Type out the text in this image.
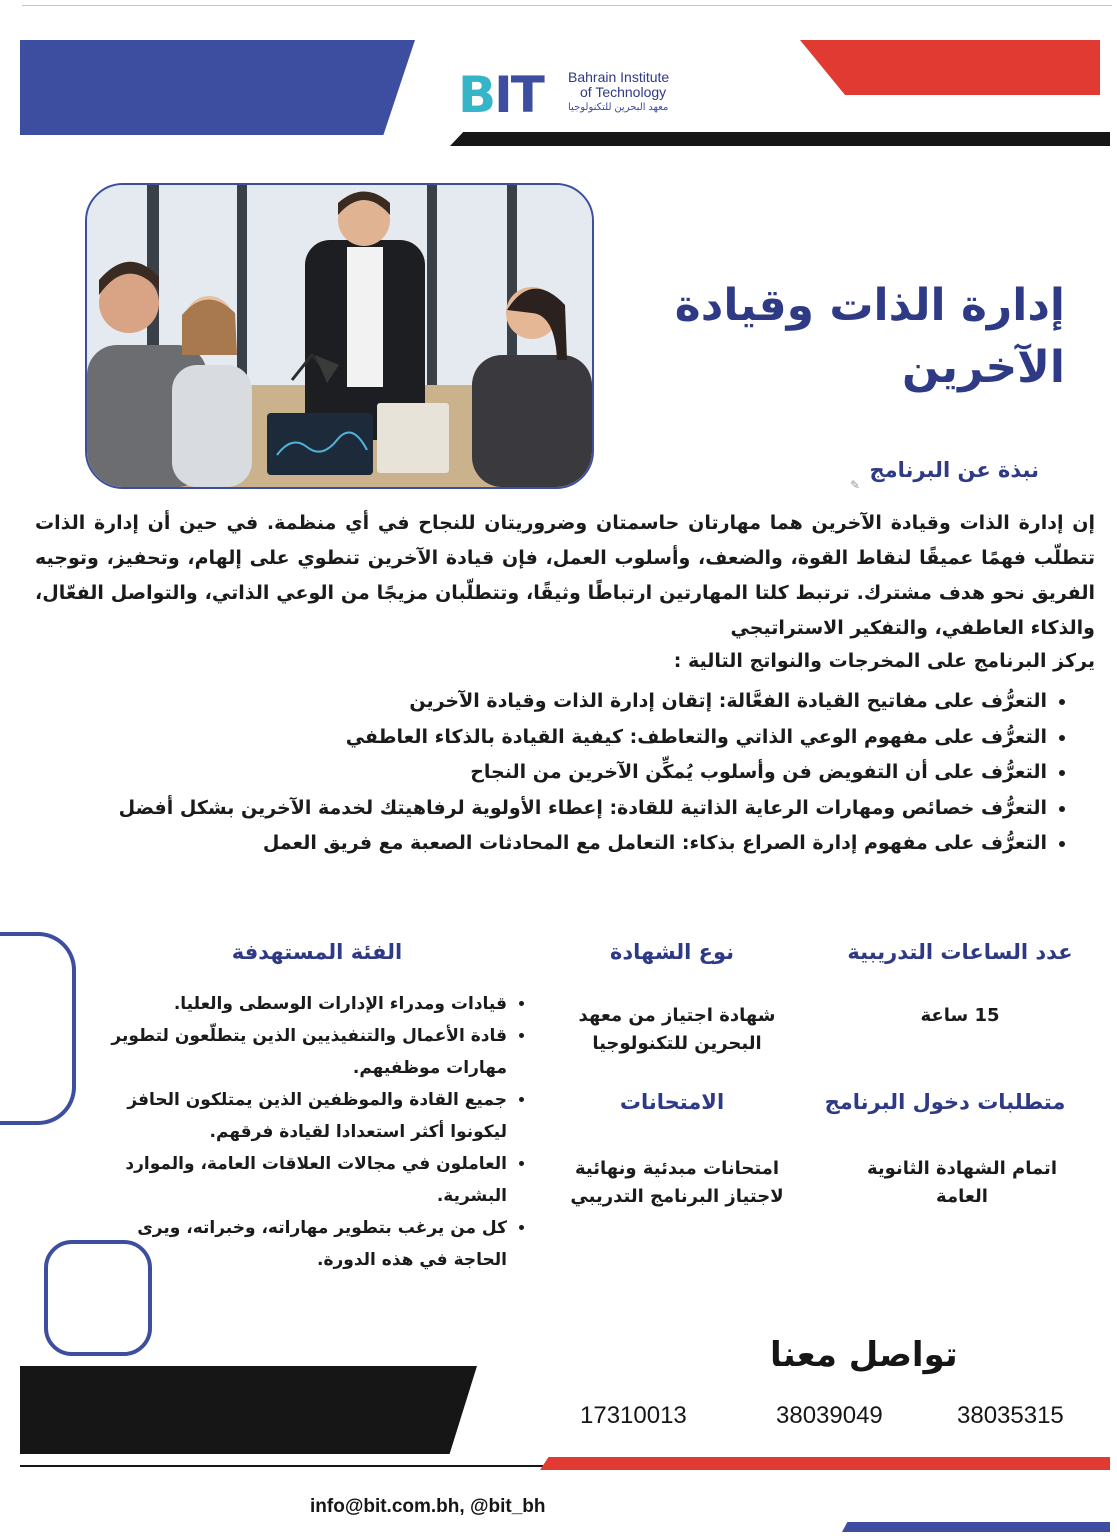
BIT Bahrain Institute
of Technology
معهد البحرين للتكنولوجيا
إدارة الذات وقيادة الآخرين
نبذة عن البرنامج
✎
إن إدارة الذات وقيادة الآخرين هما مهارتان حاسمتان وضروريتان للنجاح في أي منظمة. في حين أن إدارة الذات تتطلّب فهمًا عميقًا لنقاط القوة، والضعف، وأسلوب العمل، فإن قيادة الآخرين تنطوي على إلهام، وتحفيز، وتوجيه الفريق نحو هدف مشترك. ترتبط كلتا المهارتين ارتباطًا وثيقًا، وتتطلّبان مزيجًا من الوعي الذاتي، والتواصل الفعّال، والذكاء العاطفي، والتفكير الاستراتيجي
يركز البرنامج على المخرجات والنواتج التالية :
• التعرُّف على مفاتيح القيادة الفعَّالة: إتقان إدارة الذات وقيادة الآخرين
• التعرُّف على مفهوم الوعي الذاتي والتعاطف: كيفية القيادة بالذكاء العاطفي
• التعرُّف على أن التفويض فن وأسلوب يُمكِّن الآخرين من النجاح
• التعرُّف خصائص ومهارات الرعاية الذاتية للقادة: إعطاء الأولوية لرفاهيتك لخدمة الآخرين بشكل أفضل
• التعرُّف على مفهوم إدارة الصراع بذكاء: التعامل مع المحادثات الصعبة مع فريق العمل
عدد الساعات التدريبية
15 ساعة
نوع الشهادة
شهادة اجتياز من معهد البحرين للتكنولوجيا
متطلبات دخول البرنامج
اتمام الشهادة الثانوية العامة
الامتحانات
امتحانات مبدئية ونهائية لاجتياز البرنامج التدريبي
الفئة المستهدفة
• قيادات ومدراء الإدارات الوسطى والعليا.
• قادة الأعمال والتنفيذيين الذين يتطلّعون لتطوير مهارات موظفيهم.
• جميع القادة والموظفين الذين يمتلكون الحافز ليكونوا أكثر استعدادا لقيادة فرقهم.
• العاملون في مجالات العلاقات العامة، والموارد البشرية.
• كل من يرغب بتطوير مهاراته، وخبراته، ويرى الحاجة في هذه الدورة.
تواصل معنا
38035315
38039049
17310013
info@bit.com.bh, @bit_bh
